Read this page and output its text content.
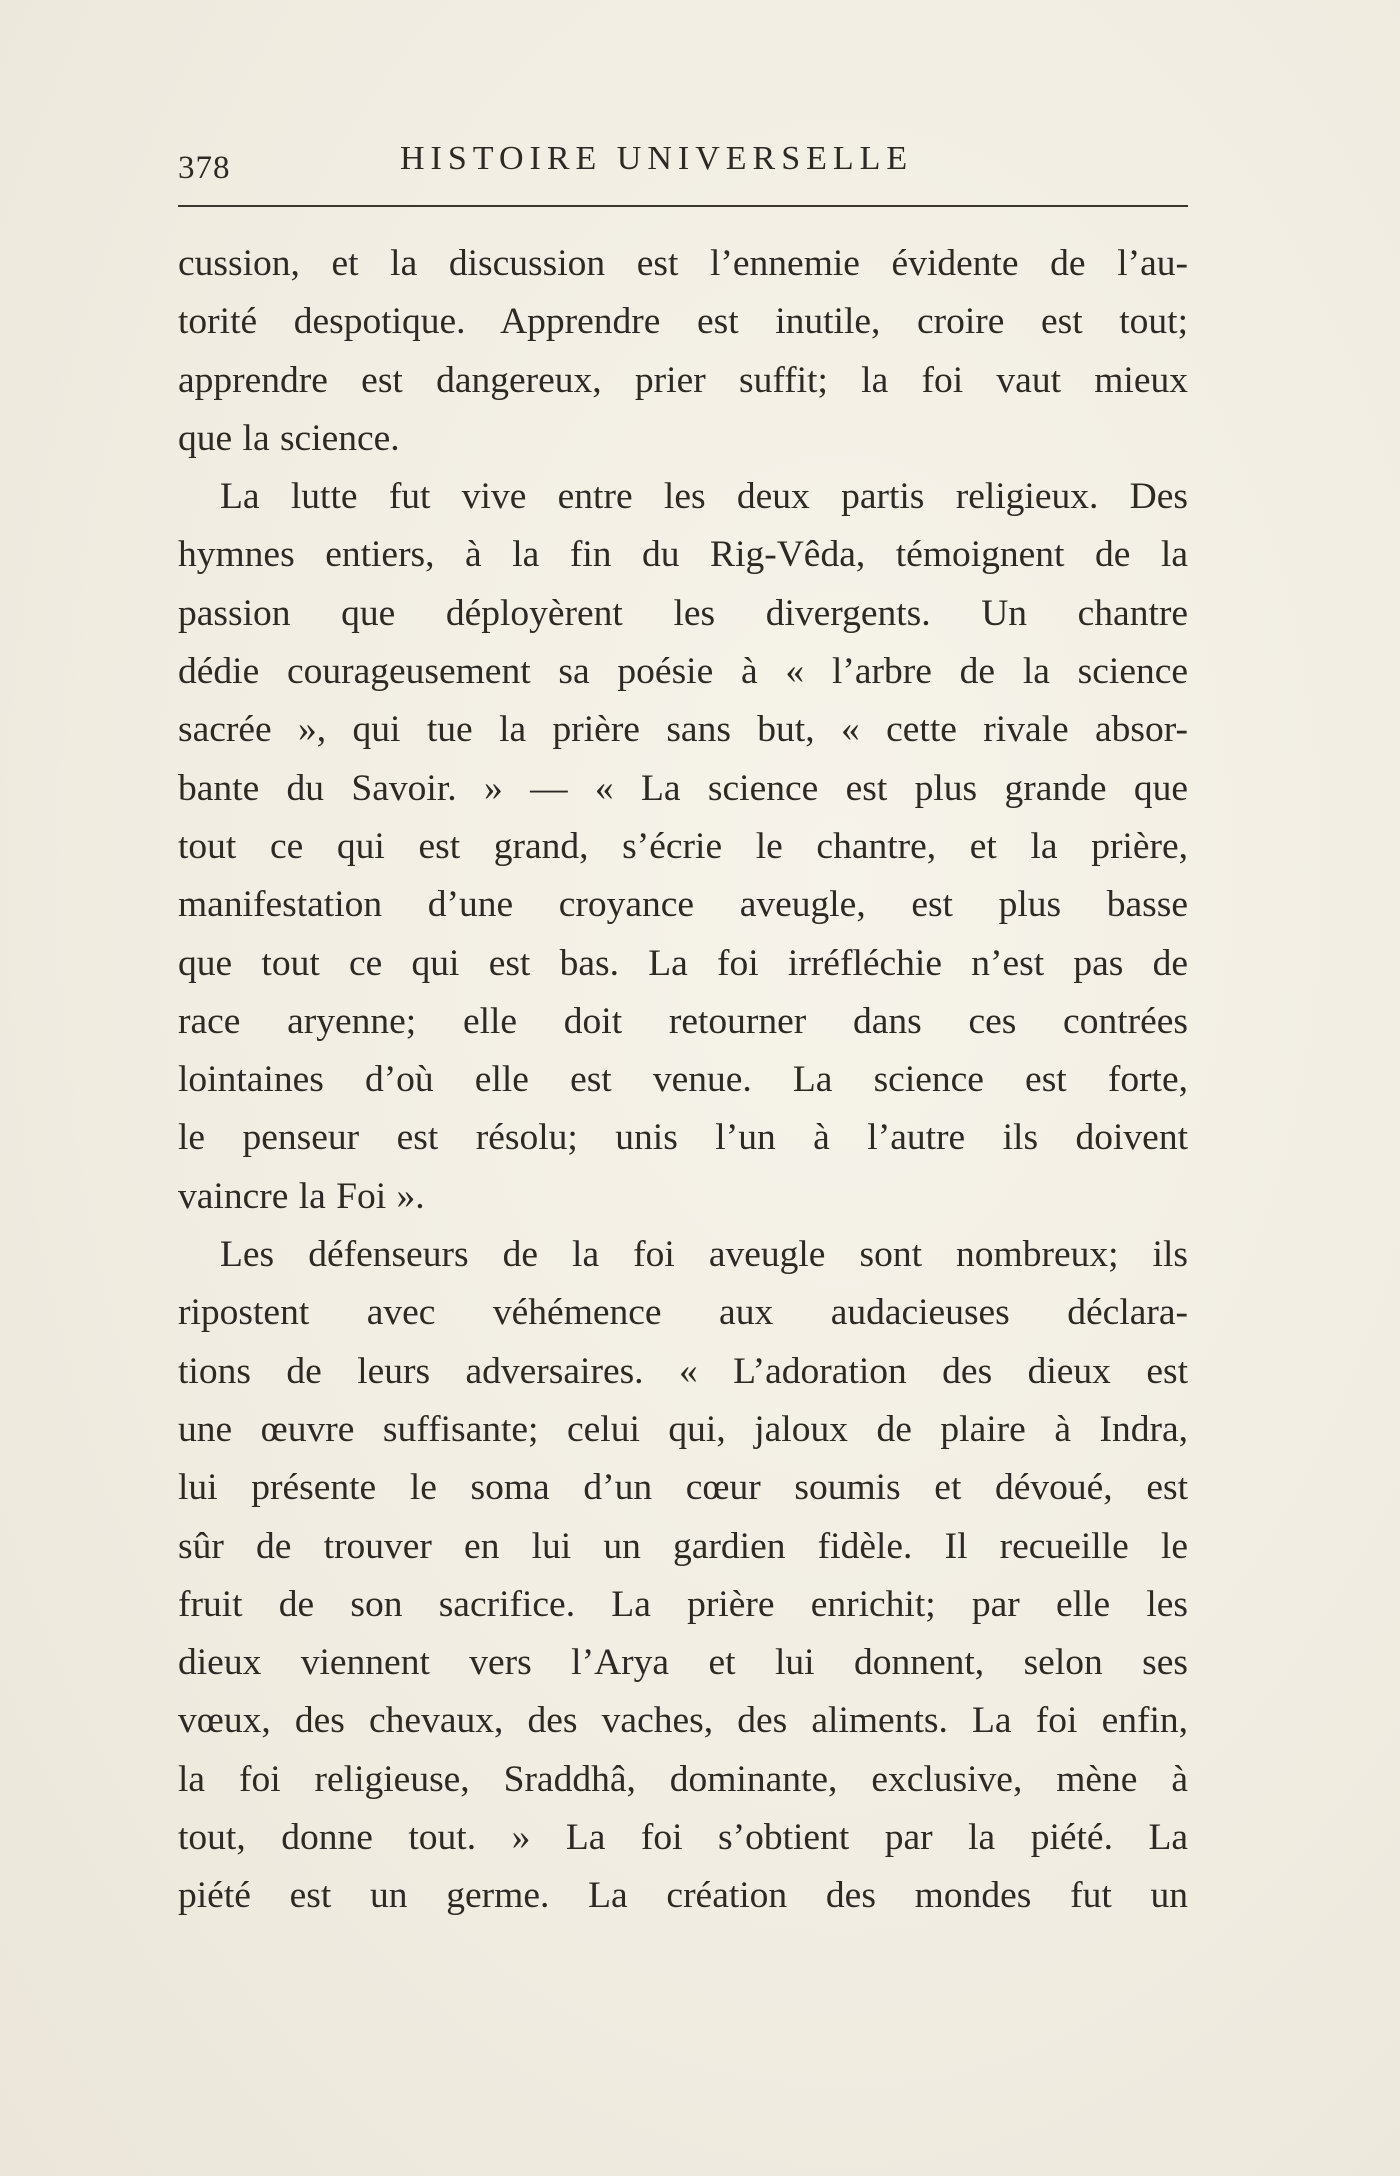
378	HISTOIRE UNIVERSELLE
cussion, et la discussion est l’ennemie évidente de l’au-
torité despotique. Apprendre est inutile, croire est tout;
apprendre est dangereux, prier suffit; la foi vaut mieux
que la science.
La lutte fut vive entre les deux partis religieux. Des
hymnes entiers, à la fin du Rig-Vêda, témoignent de la
passion que déployèrent les divergents. Un chantre
dédie courageusement sa poésie à « l’arbre de la science
sacrée », qui tue la prière sans but, « cette rivale absor-
bante du Savoir. » — « La science est plus grande que
tout ce qui est grand, s’écrie le chantre, et la prière,
manifestation d’une croyance aveugle, est plus basse
que tout ce qui est bas. La foi irréfléchie n’est pas de
race aryenne; elle doit retourner dans ces contrées
lointaines d’où elle est venue. La science est forte,
le penseur est résolu; unis l’un à l’autre ils doivent
vaincre la Foi ».
Les défenseurs de la foi aveugle sont nombreux; ils
ripostent avec véhémence aux audacieuses déclara-
tions de leurs adversaires. « L’adoration des dieux est
une œuvre suffisante; celui qui, jaloux de plaire à Indra,
lui présente le soma d’un cœur soumis et dévoué, est
sûr de trouver en lui un gardien fidèle. Il recueille le
fruit de son sacrifice. La prière enrichit; par elle les
dieux viennent vers l’Arya et lui donnent, selon ses
vœux, des chevaux, des vaches, des aliments. La foi enfin,
la foi religieuse, Sraddhâ, dominante, exclusive, mène à
tout, donne tout. » La foi s’obtient par la piété. La
piété est un germe. La création des mondes fut un
